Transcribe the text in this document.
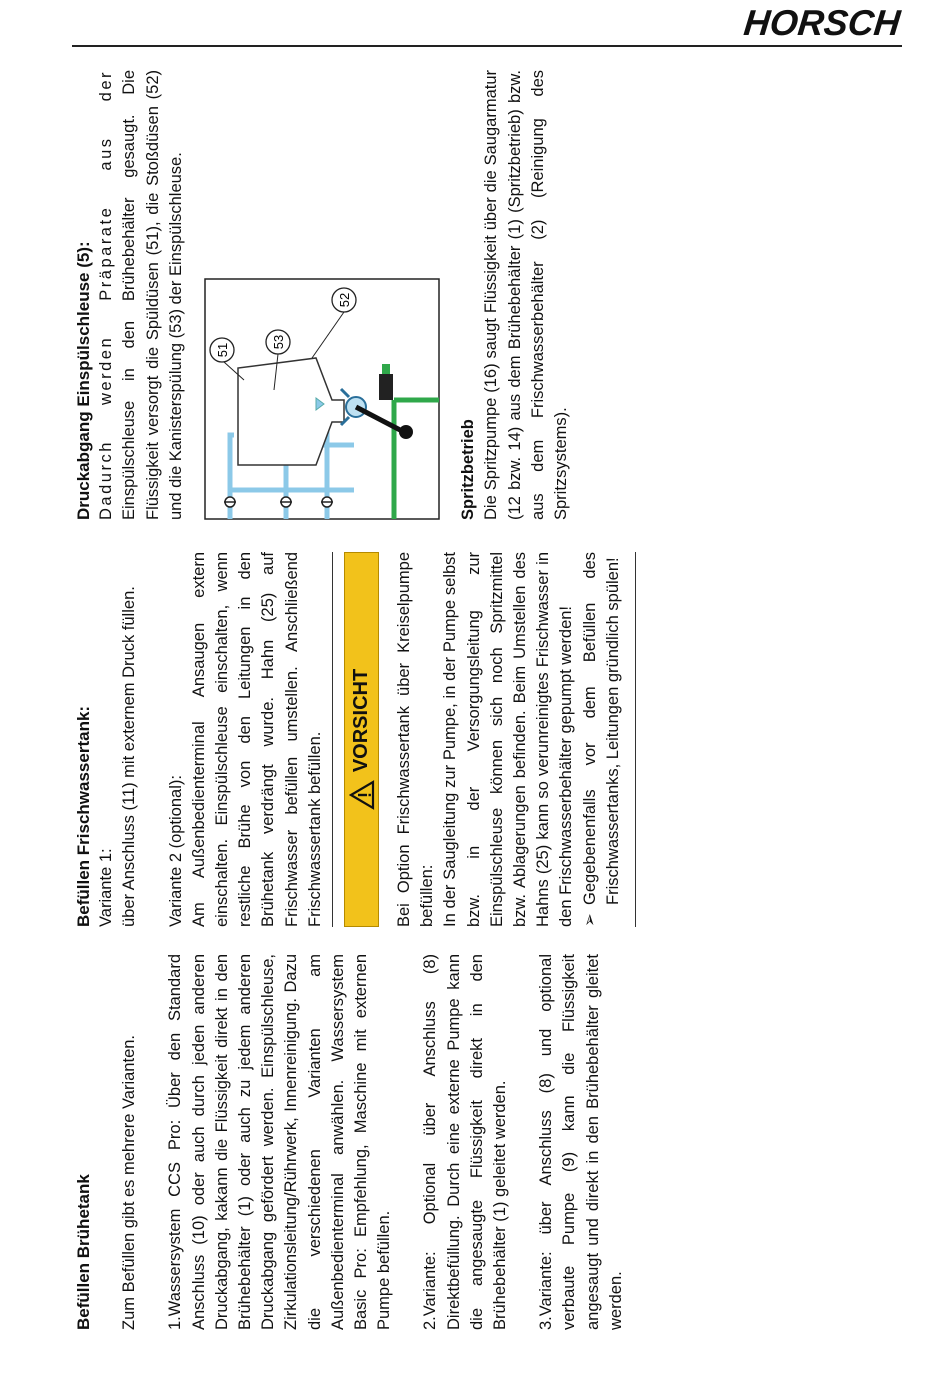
HORSCH

Befüllen Brühetank Zum Befüllen gibt es mehrere Varianten. 1.Wassersystem CCS Pro: Über den Standard Anschluss (10) oder auch durch jeden anderen Druckabgang, kakann die Flüssigkeit direkt in den Brühebehälter (1) oder auch zu jedem anderen Druckabgang gefördert werden. Einspülschleuse, Zirkulationsleitung/Rührwerk, Innenreinigung. Dazu die verschiedenen Varianten am Außenbedienterminal anwählen. Wassersystem Basic Pro: Empfehlung, Maschine mit externen Pumpe befüllen. 2.Variante: Optional über Anschluss (8) Direktbefüllung. Durch eine externe Pumpe kann die angesaugte Flüssigkeit direkt in den Brühebehälter (1) geleitet werden. 3.Variante: über Anschluss (8) und optional verbaute Pumpe (9) kann die Flüssigkeit angesaugt und direkt in den Brühebehälter gleitet werden.

Befüllen Frischwassertank: Variante 1: über Anschluss (11) mit externem Druck füllen. Variante 2 (optional): Am Außenbedienterminal Ansaugen extern einschalten. Einspülschleuse einschalten, wenn restliche Brühe von den Leitungen in den Brühetank verdrängt wurde. Hahn (25) auf Frischwasser befüllen umstellen. Anschließend Frischwassertank befüllen.

VORSICHT Bei Option Frischwassertank über Kreiselpumpe befüllen: In der Saugleitung zur Pumpe, in der Pumpe selbst bzw. in der Versorgungsleitung zur Einspülschleuse können sich noch Spritzmittel bzw. Ablagerungen befinden. Beim Umstellen des Hahns (25) kann so verunreinigtes Frischwasser in den Frischwasserbehälter gepumpt werden! ➢
Gegebenenfalls vor dem Befüllen des Frischwassertanks, Leitungen gründlich spülen!

Druckabgang Einspülschleuse (5): Dadurch werden Präparate aus der Einspülschleuse in den Brühebehälter gesaugt. Die Flüssigkeit versorgt die Spüldüsen (51), die Stoßdüsen (52) und die Kanisterspülung (53) der Einspülschleuse. 51
53
52

Spritzbetrieb Die Spritzpumpe (16) saugt Flüssigkeit über die Saugarmatur (12 bzw. 14) aus dem Brühebehälter (1) (Spritzbetrieb) bzw. aus dem Frischwasserbehälter (2) (Reinigung des Spritzsystems).
